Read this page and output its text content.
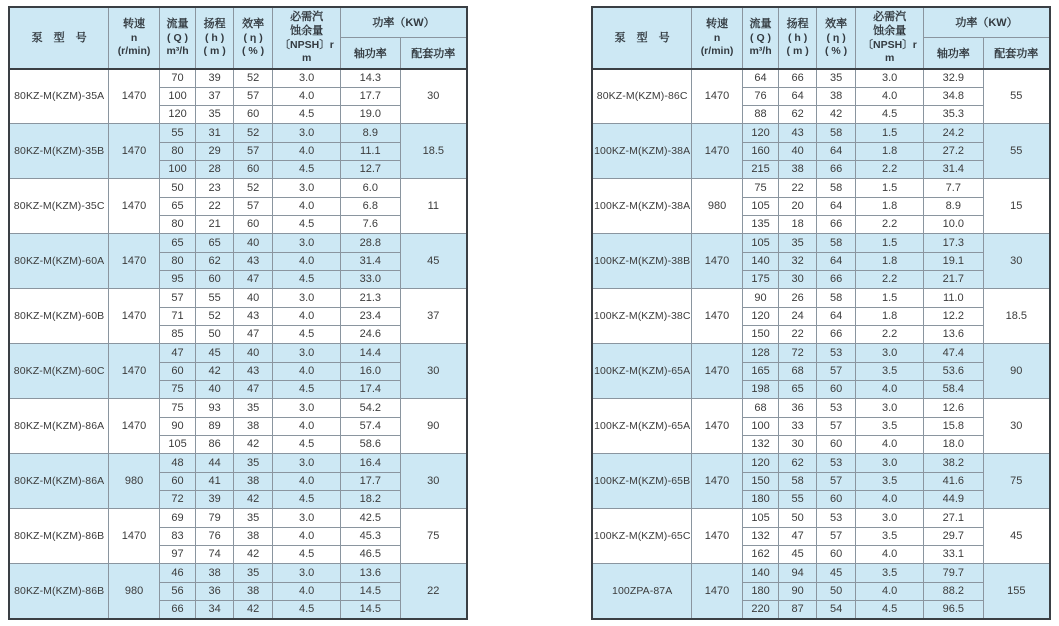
泵　型　号	转速
n
(r/min)	流量
( Q )
m³/h	扬程
( h )
( m )	效率
( η )
( % )	必需汽
蚀余量
〔NPSH〕r
m	功率（KW）	
						轴功率	配套功率
80KZ-M(KZM)-35A	1470	70	39	52	3.0	14.3	30
		100	37	57	4.0	17.7	
		120	35	60	4.5	19.0	
80KZ-M(KZM)-35B	1470	55	31	52	3.0	8.9	18.5
		80	29	57	4.0	11.1	
		100	28	60	4.5	12.7	
80KZ-M(KZM)-35C	1470	50	23	52	3.0	6.0	11
		65	22	57	4.0	6.8	
		80	21	60	4.5	7.6	
80KZ-M(KZM)-60A	1470	65	65	40	3.0	28.8	45
		80	62	43	4.0	31.4	
		95	60	47	4.5	33.0	
80KZ-M(KZM)-60B	1470	57	55	40	3.0	21.3	37
		71	52	43	4.0	23.4	
		85	50	47	4.5	24.6	
80KZ-M(KZM)-60C	1470	47	45	40	3.0	14.4	30
		60	42	43	4.0	16.0	
		75	40	47	4.5	17.4	
80KZ-M(KZM)-86A	1470	75	93	35	3.0	54.2	90
		90	89	38	4.0	57.4	
		105	86	42	4.5	58.6	
80KZ-M(KZM)-86A	980	48	44	35	3.0	16.4	30
		60	41	38	4.0	17.7	
		72	39	42	4.5	18.2	
80KZ-M(KZM)-86B	1470	69	79	35	3.0	42.5	75
		83	76	38	4.0	45.3	
		97	74	42	4.5	46.5	
80KZ-M(KZM)-86B	980	46	38	35	3.0	13.6	22
		56	36	38	4.0	14.5	
		66	34	42	4.5	14.5	
泵　型　号	转速
n
(r/min)	流量
( Q )
m³/h	扬程
( h )
( m )	效率
( η )
( % )	必需汽
蚀余量
〔NPSH〕r
m	功率（KW）	
						轴功率	配套功率
80KZ-M(KZM)-86C	1470	64	66	35	3.0	32.9	55
		76	64	38	4.0	34.8	
		88	62	42	4.5	35.3	
100KZ-M(KZM)-38A	1470	120	43	58	1.5	24.2	55
		160	40	64	1.8	27.2	
		215	38	66	2.2	31.4	
100KZ-M(KZM)-38A	980	75	22	58	1.5	7.7	15
		105	20	64	1.8	8.9	
		135	18	66	2.2	10.0	
100KZ-M(KZM)-38B	1470	105	35	58	1.5	17.3	30
		140	32	64	1.8	19.1	
		175	30	66	2.2	21.7	
100KZ-M(KZM)-38C	1470	90	26	58	1.5	11.0	18.5
		120	24	64	1.8	12.2	
		150	22	66	2.2	13.6	
100KZ-M(KZM)-65A	1470	128	72	53	3.0	47.4	90
		165	68	57	3.5	53.6	
		198	65	60	4.0	58.4	
100KZ-M(KZM)-65A	1470	68	36	53	3.0	12.6	30
		100	33	57	3.5	15.8	
		132	30	60	4.0	18.0	
100KZ-M(KZM)-65B	1470	120	62	53	3.0	38.2	75
		150	58	57	3.5	41.6	
		180	55	60	4.0	44.9	
100KZ-M(KZM)-65C	1470	105	50	53	3.0	27.1	45
		132	47	57	3.5	29.7	
		162	45	60	4.0	33.1	
100ZPA-87A	1470	140	94	45	3.5	79.7	155
		180	90	50	4.0	88.2	
		220	87	54	4.5	96.5	
